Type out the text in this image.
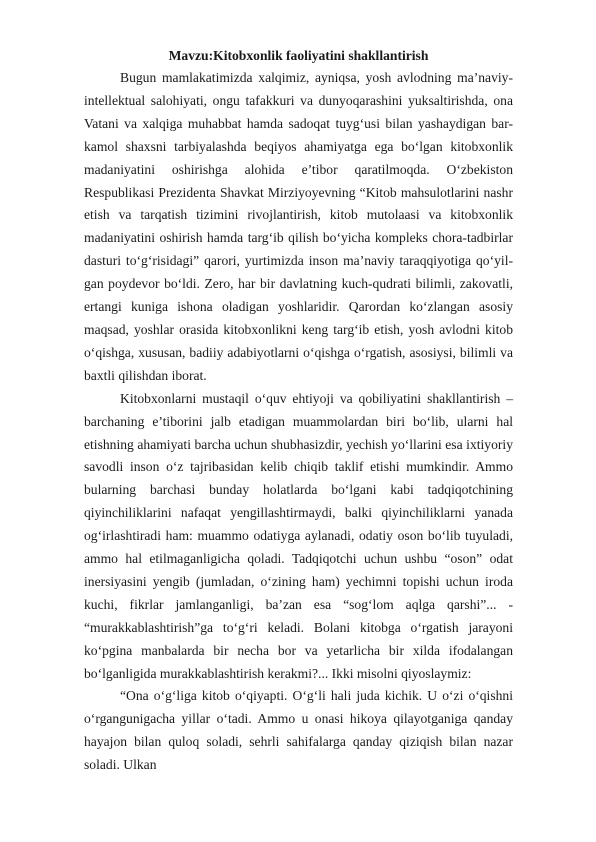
Mavzu:Kitobxonlik faoliyatini shakllantirish

Bugun mamlakatimizda xalqimiz, ayniqsa, yosh avlodning ma’naviy-intellektual salohiyati, ongu tafakkuri va dunyoqarashini yuksaltirishda, ona Vatani va xalqiga muhabbat hamda sadoqat tuyg‘usi bilan yashaydigan bar- kamol shaxsni tarbiyalashda beqiyos ahamiyatga ega bo‘lgan kitobxonlik madaniyatini oshirishga alohida e’tibor qaratilmoqda. O‘zbekiston Respublikasi Prezidenta Shavkat Mirziyoyevning “Kitob mahsulotlarini nashr etish va tarqatish tizimini rivojlantirish, kitob mutolaasi va kitobxonlik madaniyatini oshirish hamda targ‘ib qilish bo‘yicha kompleks chora-tadbirlar dasturi to‘g‘risidagi” qarori, yurtimizda inson ma’naviy taraqqiyotiga qo‘yil- gan poydevor bo‘ldi. Zero, har bir davlatning kuch-qudrati bilimli, zakovatli, ertangi kuniga ishona oladigan yoshlaridir. Qarordan ko‘zlangan asosiy maqsad, yoshlar orasida kitobxonlikni keng targ‘ib etish, yosh avlodni kitob o‘qishga, xususan, badiiy adabiyotlarni o‘qishga o‘rgatish, asosiysi, bilimli va baxtli qilishdan iborat.

Kitobxonlarni mustaqil o‘quv ehtiyoji va qobiliyatini shakllantirish – barchaning e’tiborini jalb etadigan muammolardan biri bo‘lib, ularni hal etishning ahamiyati barcha uchun shubhasizdir, yechish yo‘llarini esa ixtiyoriy savodli inson o‘z tajribasidan kelib chiqib taklif etishi mumkindir. Ammo bularning barchasi bunday holatlarda bo‘lgani kabi tadqiqotchining qiyinchiliklarini nafaqat yengillashtirmaydi, balki qiyinchiliklarni yanada og‘irlashtiradi ham: muammo odatiyga aylanadi, odatiy oson bo‘lib tuyuladi, ammo hal etilmaganligicha qoladi. Tadqiqotchi uchun ushbu “oson” odat inersiyasini yengib (jumladan, o‘zining ham) yechimni topishi uchun iroda kuchi, fikrlar jamlanganligi, ba’zan esa “sog‘lom aqlga qarshi”... - “murakkablashtirish”ga to‘g‘ri keladi. Bolani kitobga o‘rgatish jarayoni ko‘pgina manbalarda bir necha bor va yetarlicha bir xilda ifodalangan bo‘lganligida murakkablashtirish kerakmi?... Ikki misolni qiyoslaymiz:

“Ona o‘g‘liga kitob o‘qiyapti. O‘g‘li hali juda kichik. U o‘zi o‘qishni o‘rgangunigacha yillar o‘tadi. Ammo u onasi hikoya qilayotganiga qanday hayajon bilan quloq soladi, sehrli sahifalarga qanday qiziqish bilan nazar soladi. Ulkan
